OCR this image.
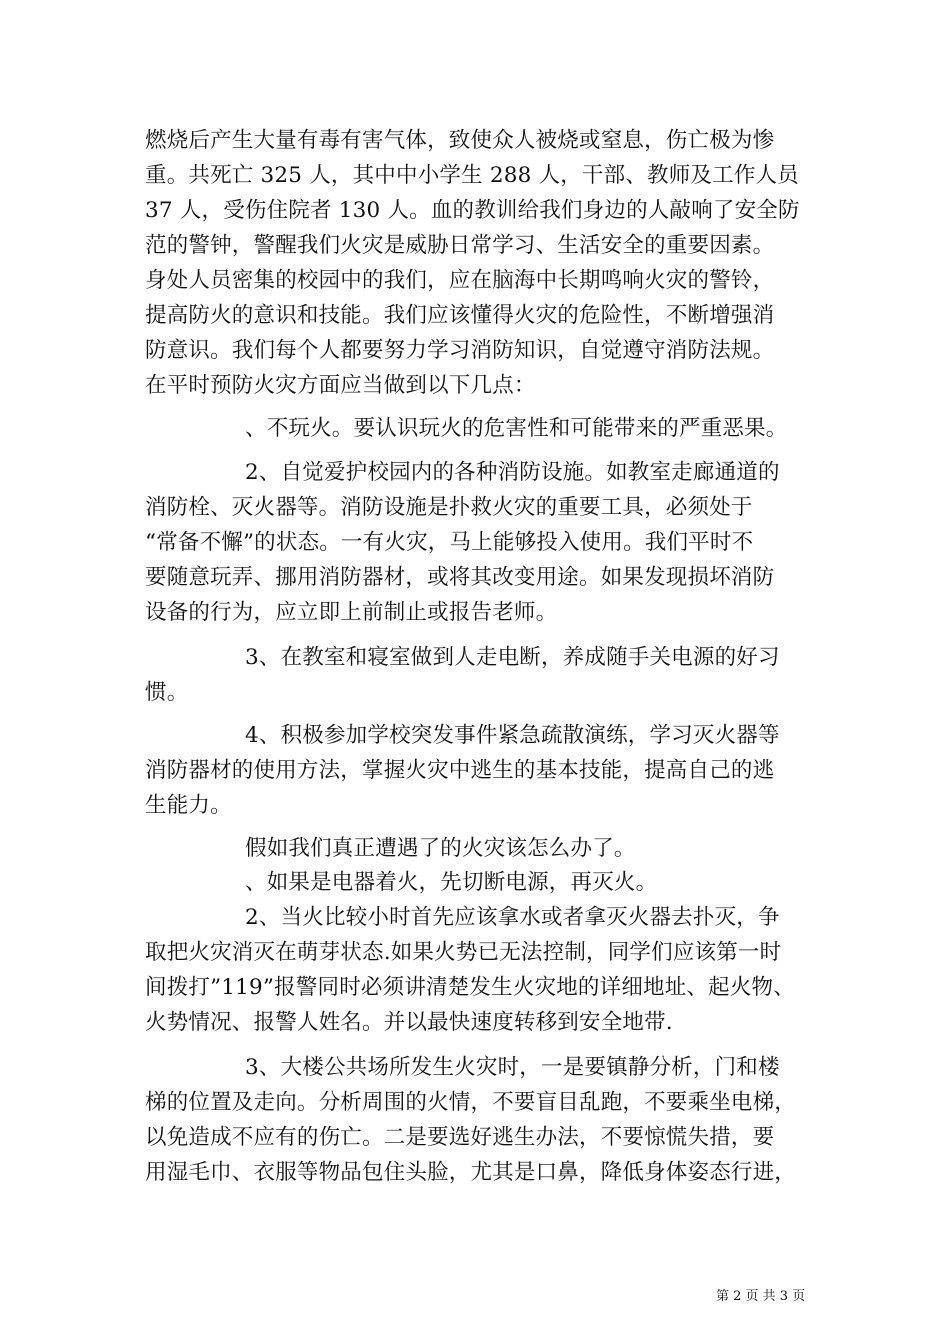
燃烧后产生大量有毒有害气体，致使众人被烧或窒息，伤亡极为惨
重。共死亡 325 人，其中中小学生 288 人，干部、教师及工作人员
37 人，受伤住院者 130 人。血的教训给我们身边的人敲响了安全防
范的警钟，警醒我们火灾是威胁日常学习、生活安全的重要因素。
身处人员密集的校园中的我们，应在脑海中长期鸣响火灾的警铃，
提高防火的意识和技能。我们应该懂得火灾的危险性，不断增强消
防意识。我们每个人都要努力学习消防知识，自觉遵守消防法规。
在平时预防火灾方面应当做到以下几点：
、不玩火。要认识玩火的危害性和可能带来的严重恶果。
2、自觉爱护校园内的各种消防设施。如教室走廊通道的
消防栓、灭火器等。消防设施是扑救火灾的重要工具，必须处于
“常备不懈”的状态。一有火灾，马上能够投入使用。我们平时不
要随意玩弄、挪用消防器材，或将其改变用途。如果发现损坏消防
设备的行为，应立即上前制止或报告老师。
3、在教室和寝室做到人走电断，养成随手关电源的好习
惯。
4、积极参加学校突发事件紧急疏散演练，学习灭火器等
消防器材的使用方法，掌握火灾中逃生的基本技能，提高自己的逃
生能力。
假如我们真正遭遇了的火灾该怎么办了。
、如果是电器着火，先切断电源，再灭火。
2、当火比较小时首先应该拿水或者拿灭火器去扑灭，争
取把火灾消灭在萌芽状态.如果火势已无法控制，同学们应该第一时
间拨打”119”报警同时必须讲清楚发生火灾地的详细地址、起火物、
火势情况、报警人姓名。并以最快速度转移到安全地带.
3、大楼公共场所发生火灾时，一是要镇静分析，门和楼
梯的位置及走向。分析周围的火情，不要盲目乱跑，不要乘坐电梯，
以免造成不应有的伤亡。二是要选好逃生办法，不要惊慌失措，要
用湿毛巾、衣服等物品包住头脸，尤其是口鼻，降低身体姿态行进，
第 2 页 共 3 页
